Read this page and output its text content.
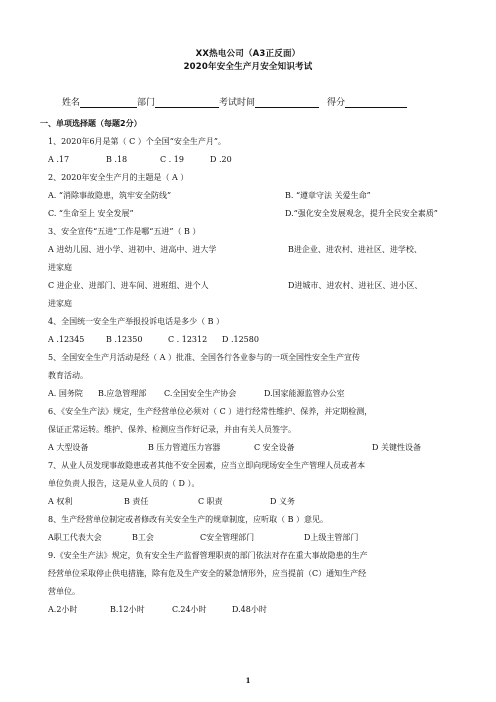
XX热电公司（A3正反面）
2020年安全生产月安全知识考试
姓名	部门	考试时间	得分
一、单项选择题（每题2分）
1、2020年6月是第（ C ）个全国“安全生产月”。
A .17	B .18	C . 19	D .20
2、2020年安全生产月的主题是（ A ）
A. “消除事故隐患，筑牢安全防线”	B. “遵章守法 关爱生命”
C. “生命至上 安全发展”	D.“强化安全发展观念，提升全民安全素质”
3、安全宣传“五进”工作是哪“五进”（ B ）
A 进幼儿园、进小学、进初中、进高中、进大学	B进企业、进农村、进社区、进学校、
进家庭
C 进企业、进部门、进车间、进班组、进个人	D进城市、进农村、进社区、进小区、
进家庭
4、全国统一安全生产举报投诉电话是多少（ B ）
A .12345	B .12350	C . 12312 D .12580
5、全国安全生产月活动是经（ A ）批准、全国各行各业参与的一项全国性安全生产宣传
教育活动。
A. 国务院 B.应急管理部 C.全国安全生产协会	D.国家能源监管办公室
6、《安全生产法》规定，生产经营单位必须对（ C ）进行经常性维护、保养，并定期检测，
保证正常运转。维护、保养、检测应当作好记录，并由有关人员签字。
A 大型设备	B 压力管道压力容器	C 安全设备	D 关键性设备
7、从业人员发现事故隐患或者其他不安全因素，应当立即向现场安全生产管理人员或者本
单位负责人报告，这是从业人员的（ D ）。
A 权利	B 责任	C 职责	D 义务
8、生产经营单位制定或者修改有关安全生产的规章制度，应听取（ B ）意见。
A职工代表大会	B工会	C安全管理部门	D上级主管部门
9.《安全生产法》规定，负有安全生产监督管理职责的部门依法对存在重大事故隐患的生产
经营单位采取停止供电措施，除有危及生产安全的紧急情形外，应当提前（C）通知生产经
营单位。
A.2小时	B.12小时	C.24小时	D.48小时
1
